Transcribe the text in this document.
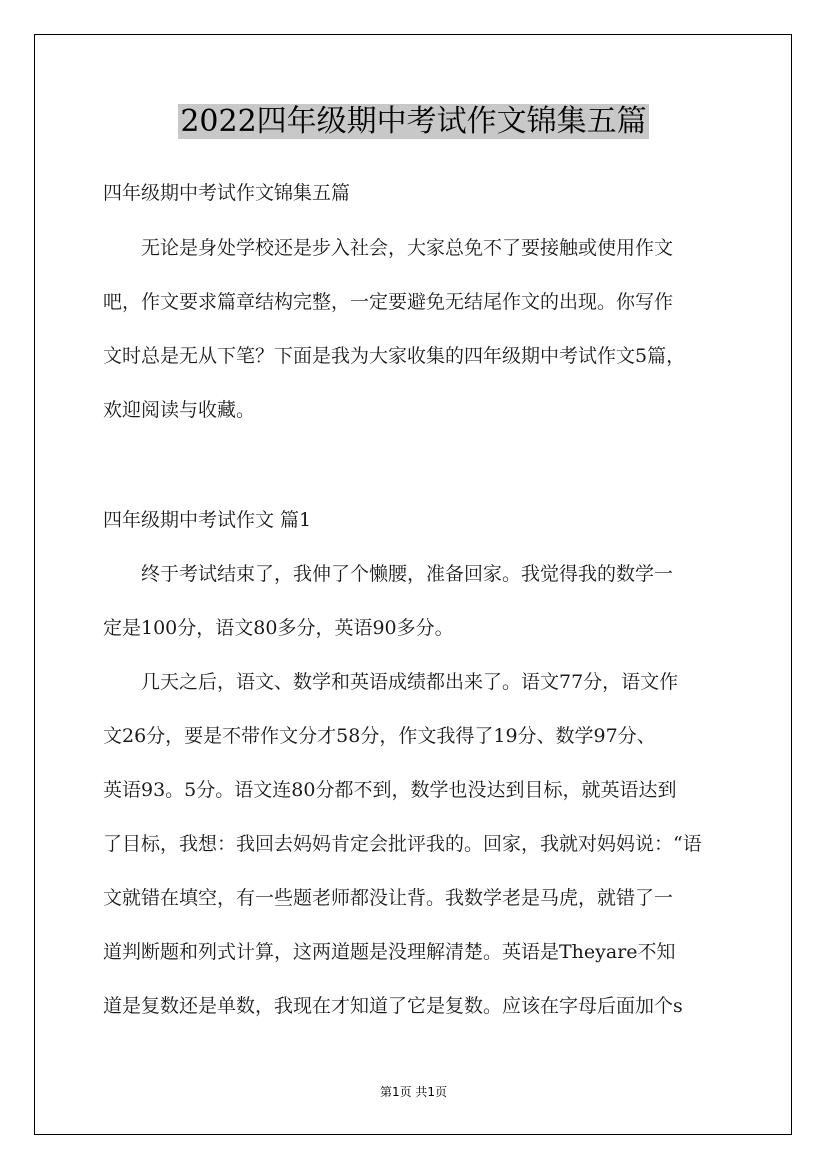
2022四年级期中考试作文锦集五篇
四年级期中考试作文锦集五篇
无论是身处学校还是步入社会，大家总免不了要接触或使用作文
吧，作文要求篇章结构完整，一定要避免无结尾作文的出现。你写作
文时总是无从下笔？下面是我为大家收集的四年级期中考试作文5篇，
欢迎阅读与收藏。
四年级期中考试作文 篇1
终于考试结束了，我伸了个懒腰，准备回家。我觉得我的数学一
定是100分，语文80多分，英语90多分。
几天之后，语文、数学和英语成绩都出来了。语文77分，语文作
文26分，要是不带作文分才58分，作文我得了19分、数学97分、
英语93。5分。语文连80分都不到，数学也没达到目标，就英语达到
了目标，我想：我回去妈妈肯定会批评我的。回家，我就对妈妈说：“语
文就错在填空，有一些题老师都没让背。我数学老是马虎，就错了一
道判断题和列式计算，这两道题是没理解清楚。英语是Theyare不知
道是复数还是单数，我现在才知道了它是复数。应该在字母后面加个s
第1页 共1页
